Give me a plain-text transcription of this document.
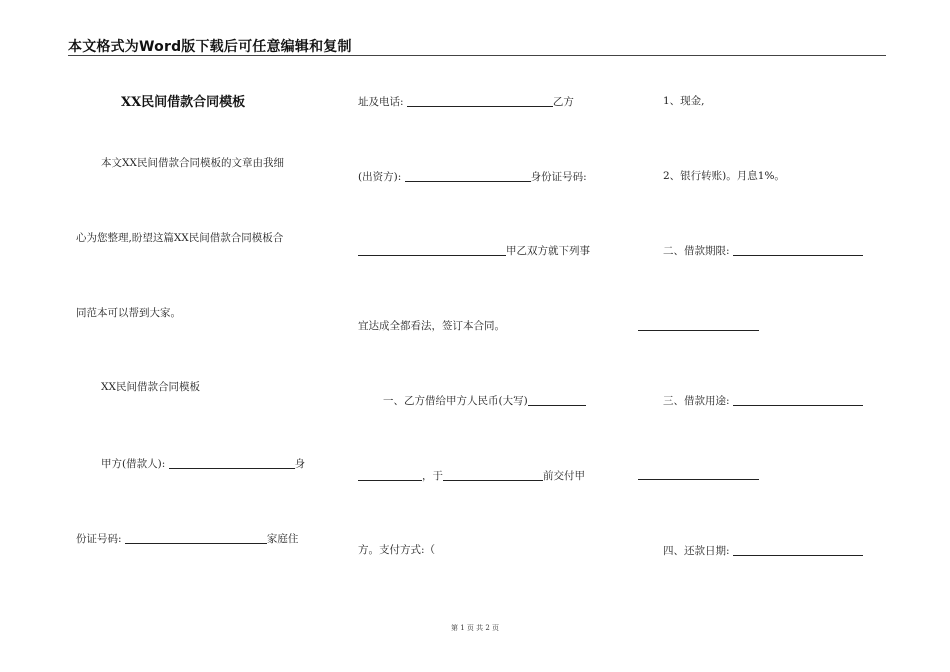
本文格式为Word版下载后可任意编辑和复制
XX民间借款合同模板
本文XX民间借款合同模板的文章由我细
心为您整理,盼望这篇XX民间借款合同模板合
同范本可以帮到大家。
XX民间借款合同模板
甲方(借款人):	身
份证号码:	家庭住
址及电话:	乙方
(出资方):	身份证号码:
甲乙双方就下列事
宜达成全都看法，签订本合同。
一、乙方借给甲方人民币(大写)
，于	前交付甲
方。支付方式:（
1、现金,
2、银行转账)。月息1%。
二、借款期限:
三、借款用途:
四、还款日期:
第 1 页 共 2 页
